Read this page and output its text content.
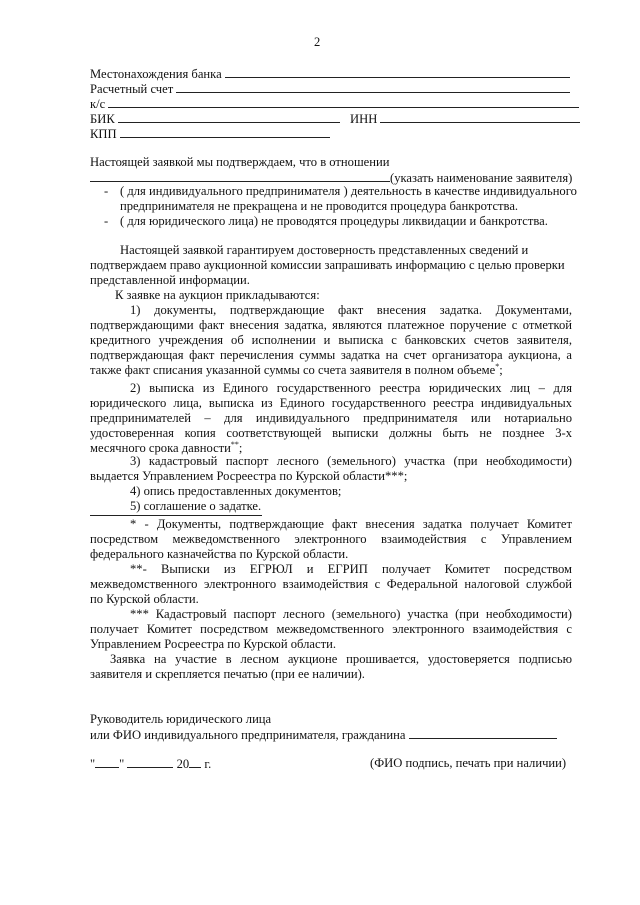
2
Местонахождения банка
Расчетный счет
к/с
БИК	ИНН
КПП
Настоящей заявкой мы подтверждаем, что в отношении
(указать наименование заявителя)
- ( для индивидуального предпринимателя ) деятельность в качестве индивидуального
предпринимателя не прекращена и не проводится процедура банкротства.
- ( для юридического лица) не проводятся процедуры ликвидации и банкротства.
Настоящей заявкой гарантируем достоверность представленных сведений и
подтверждаем право аукционной комиссии запрашивать информацию с целью проверки
представленной информации.
К заявке на аукцион прикладываются:
1) документы, подтверждающие факт внесения задатка. Документами,
подтверждающими факт внесения задатка, являются платежное поручение с отметкой
кредитного учреждения об исполнении и выписка с банковских счетов заявителя,
подтверждающая факт перечисления суммы задатка на счет организатора аукциона, а
также факт списания указанной суммы со счета заявителя в полном объеме*;
2) выписка из Единого государственного реестра юридических лиц – для
юридического лица, выписка из Единого государственного реестра индивидуальных
предпринимателей – для индивидуального предпринимателя или нотариально
удостоверенная копия соответствующей выписки должны быть не позднее 3-х
месячного срока давности**;
3) кадастровый паспорт лесного (земельного) участка (при необходимости)
выдается Управлением Росреестра по Курской области***;
4) опись предоставленных документов;
5) соглашение о задатке.
* - Документы, подтверждающие факт внесения задатка получает Комитет
посредством межведомственного электронного взаимодействия с Управлением
федерального казначейства по Курской области.
**- Выписки из ЕГРЮЛ и ЕГРИП получает Комитет посредством
межведомственного электронного взаимодействия с Федеральной налоговой службой
по Курской области.
*** Кадастровый паспорт лесного (земельного) участка (при необходимости)
получает Комитет посредством межведомственного электронного взаимодействия с
Управлением Росреестра по Курской области.
Заявка на участие в лесном аукционе прошивается, удостоверяется подписью
заявителя и скрепляется печатью (при ее наличии).
Руководитель юридического лица
или ФИО индивидуального предпринимателя, гражданина
" "	20 г.	(ФИО подпись, печать при наличии)
